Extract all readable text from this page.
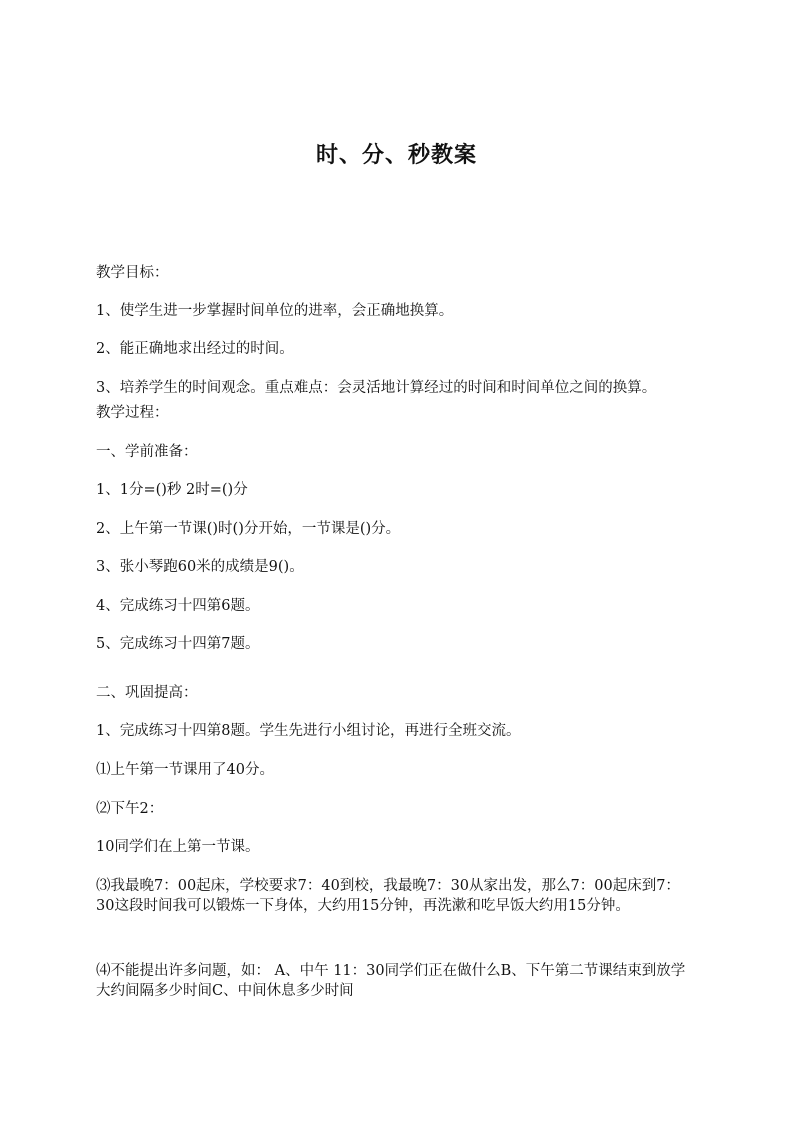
时、分、秒教案
教学目标：
1、使学生进一步掌握时间单位的进率，会正确地换算。
2、能正确地求出经过的时间。
3、培养学生的时间观念。重点难点：会灵活地计算经过的时间和时间单位之间的换算。
教学过程：
一、学前准备：
1、1分=()秒 2时=()分
2、上午第一节课()时()分开始，一节课是()分。
3、张小琴跑60米的成绩是9()。
4、完成练习十四第6题。
5、完成练习十四第7题。
二、巩固提高：
1、完成练习十四第8题。学生先进行小组讨论，再进行全班交流。
⑴上午第一节课用了40分。
⑵下午2：
10同学们在上第一节课。
⑶我最晚7：00起床，学校要求7：40到校，我最晚7：30从家出发，那么7：00起床到7：30这段时间我可以锻炼一下身体，大约用15分钟，再洗漱和吃早饭大约用15分钟。
⑷不能提出许多问题，如： A、中午 11：30同学们正在做什么B、下午第二节课结束到放学大约间隔多少时间C、中间休息多少时间
